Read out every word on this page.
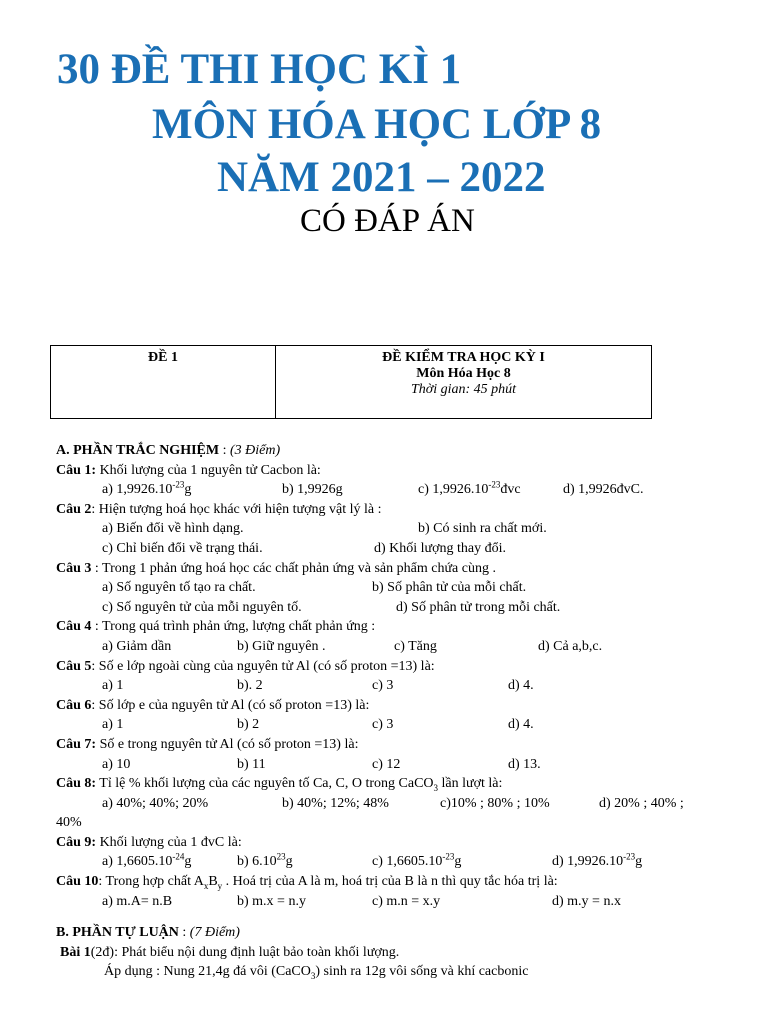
30 ĐỀ THI HỌC KÌ 1
MÔN HÓA HỌC LỚP 8
NĂM 2021 – 2022
CÓ ĐÁP ÁN
ĐỀ 1	ĐỀ KIỂM TRA HỌC KỲ I
Môn Hóa Học 8
Thời gian: 45 phút
A. PHẦN TRẮC NGHIỆM : (3 Điểm)
Câu 1: Khối lượng của 1 nguyên tử Cacbon là:
a) $1,9926.10^{-23}g$	b) 1,9926g	c) $1,9926.10^{-23}đvc$	d) 1,9926đvC.
Câu 2: Hiện tượng hoá học khác với hiện tượng vật lý là :
a) Biến đổi về hình dạng.	b) Có sinh ra chất mới.
c) Chỉ biến đổi về trạng thái.	d) Khối lượng thay đổi.
Câu 3 : Trong 1 phản ứng hoá học các chất phản ứng và sản phẩm chứa cùng .
a) Số nguyên tố tạo ra chất.	b) Số phân tử của mỗi chất.
c) Số nguyên tử của mỗi nguyên tố.	d) Số phân tử trong mỗi chất.
Câu 4 : Trong quá trình phản ứng, lượng chất phản ứng :
a) Giảm dần	b) Giữ nguyên .	c) Tăng	d) Cả a,b,c.
Câu 5: Số e lớp ngoài cùng của nguyên tử Al (có số proton =13) là:
a) 1	b). 2	c) 3	d) 4.
Câu 6: Số lớp e của nguyên tử Al (có số proton =13) là:
a) 1	b) 2	c) 3	d) 4.
Câu 7: Số e trong nguyên tử Al (có số proton =13) là:
a) 10	b) 11	c) 12	d) 13.
Câu 8: Tỉ lệ % khối lượng của các nguyên tố Ca, C, O trong CaCO$_3$ lần lượt là:
a) 40%; 40%; 20%	b) 40%; 12%; 48%	c)10% ; 80% ; 10%	d) 20% ; 40% ;
40%
Câu 9: Khối lượng của 1 đvC là:
a) $1,6605.10^{-24}g$	b) 6.10$^{23}$g	c) $1,6605.10^{-23}g$	d) $1,9926.10^{-23}g$
Câu 10: Trong hợp chất $A_xB_y$ . Hoá trị của A là m, hoá trị của B là n thì quy tắc hóa trị là:
a) m.A= n.B	b) m.x = n.y	c) m.n = x.y	d) m.y = n.x
B. PHẦN TỰ LUẬN : (7 Điểm)
Bài 1(2đ): Phát biểu nội dung định luật bảo toàn khối lượng.
Áp dụng : Nung 21,4g đá vôi (CaCO$_3$) sinh ra 12g vôi sống và khí cacbonic
